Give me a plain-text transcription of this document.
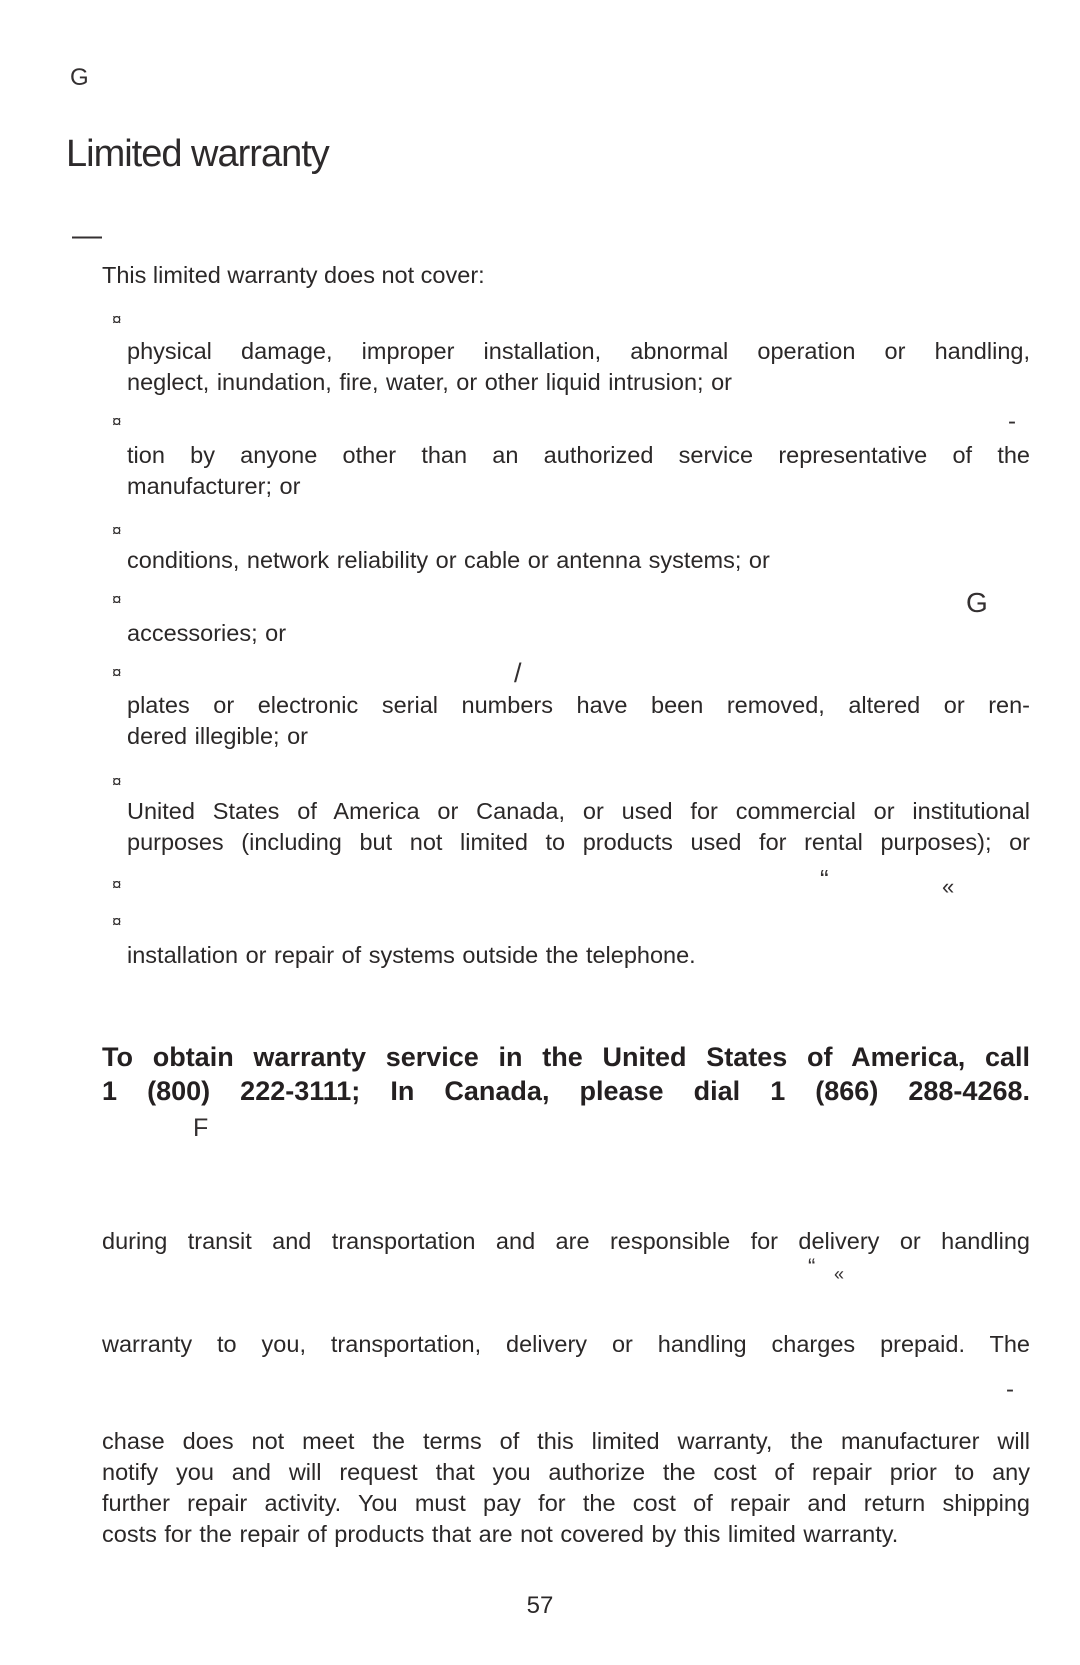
G
Limited warranty
—
This limited warranty does not cover:
¤
physical damage, improper installation, abnormal operation or handling,
neglect, inundation, fire, water, or other liquid intrusion; or
¤	-
tion by anyone other than an authorized service representative of the
manufacturer; or
¤
conditions, network reliability or cable or antenna systems; or
¤	G
accessories; or
¤	/
plates or electronic serial numbers have been removed, altered or ren-
dered illegible; or
¤
United States of America or Canada, or used for commercial or institutional
purposes (including but not limited to products used for rental purposes); or
¤	“	«
¤
installation or repair of systems outside the telephone.
To obtain warranty service in the United States of America, call
1 (800) 222-3111; In Canada, please dial 1 (866) 288-4268.
F
during transit and transportation and are responsible for delivery or handling
“ «
warranty to you, transportation, delivery or handling charges prepaid. The
-
chase does not meet the terms of this limited warranty, the manufacturer will
notify you and will request that you authorize the cost of repair prior to any
further repair activity. You must pay for the cost of repair and return shipping
costs for the repair of products that are not covered by this limited warranty.
57
